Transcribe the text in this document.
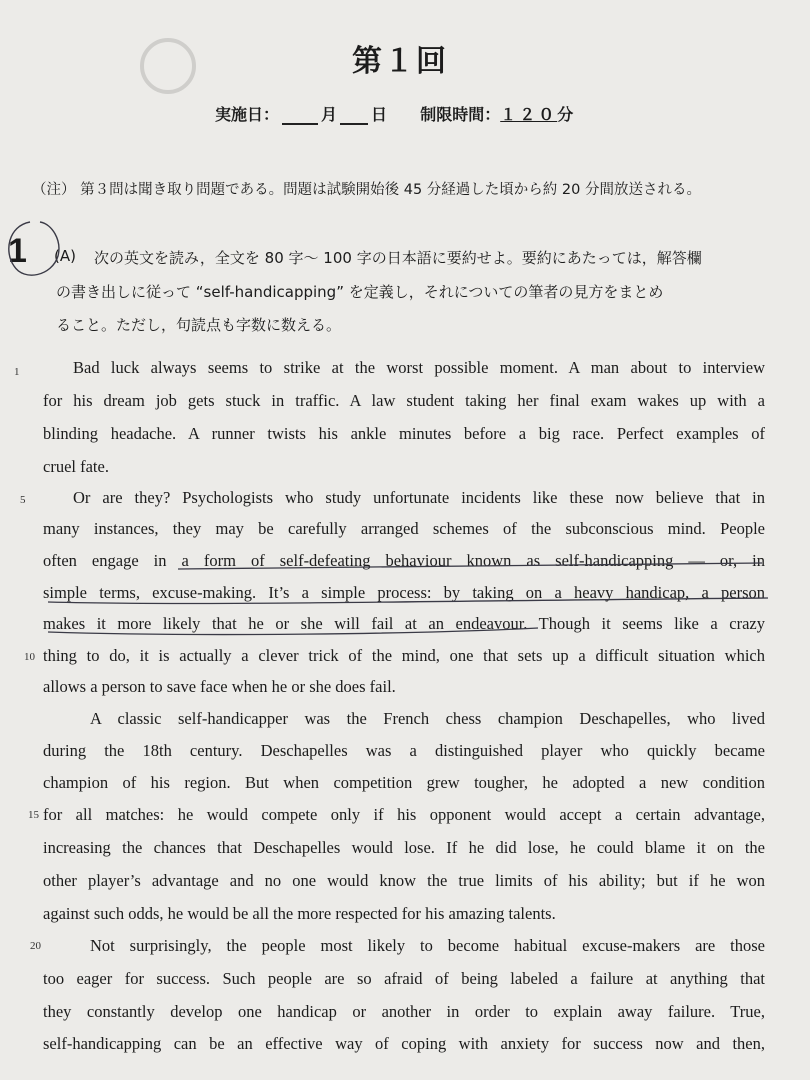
第１回
実施日：	月 日 制限時間：１２０分
（注） 第３問は聞き取り問題である。問題は試験開始後 45 分経過した頃から約 20 分間放送される。
1 (A) 次の英文を読み，全文を 80 字～ 100 字の日本語に要約せよ。要約にあたっては，解答欄
の書き出しに従って “self-handicapping” を定義し，それについての筆者の見方をまとめ
ること。ただし，句読点も字数に数える。
1
5
10
15
20
Bad luck always seems to strike at the worst possible moment. A man about to interview
for his dream job gets stuck in traffic. A law student taking her final exam wakes up with a
blinding headache. A runner twists his ankle minutes before a big race. Perfect examples of
cruel fate.
Or are they? Psychologists who study unfortunate incidents like these now believe that in
many instances, they may be carefully arranged schemes of the subconscious mind. People
often engage in a form of self-defeating behaviour known as self-handicapping — or, in
simple terms, excuse-making. It’s a simple process: by taking on a heavy handicap, a person
makes it more likely that he or she will fail at an endeavour. Though it seems like a crazy
thing to do, it is actually a clever trick of the mind, one that sets up a difficult situation which
allows a person to save face when he or she does fail.
A classic self-handicapper was the French chess champion Deschapelles, who lived
during the 18th century. Deschapelles was a distinguished player who quickly became
champion of his region. But when competition grew tougher, he adopted a new condition
for all matches: he would compete only if his opponent would accept a certain advantage,
increasing the chances that Deschapelles would lose. If he did lose, he could blame it on the
other player’s advantage and no one would know the true limits of his ability; but if he won
against such odds, he would be all the more respected for his amazing talents.
Not surprisingly, the people most likely to become habitual excuse-makers are those
too eager for success. Such people are so afraid of being labeled a failure at anything that
they constantly develop one handicap or another in order to explain away failure. True,
self-handicapping can be an effective way of coping with anxiety for success now and then,
